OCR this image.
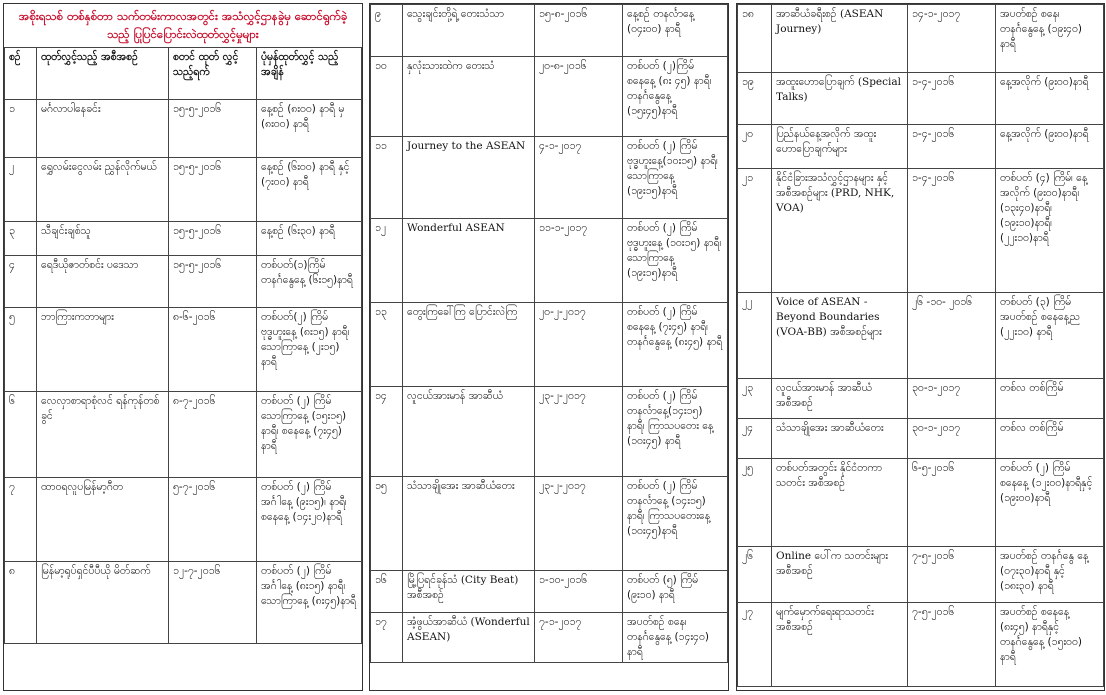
အစိုးရသစ် တစ်နှစ်တာ သက်တမ်းကာလအတွင်း အသံလွှင့်ဌာနခွဲမှ ဆောင်ရွက်ခဲ့သည့် ပြုပြင်ပြောင်းလဲထုတ်လွှင့်မှုများ
စဉ်	ထုတ်လွှင့်သည့် အစီအစဉ်	စတင် ထုတ် လွှင့်သည့်ရက်	ပုံမှန်ထုတ်လွှင့် သည့်အချိန်
၁	မင်္ဂလာပါနေခင်း	၁၅-၅-၂၀၁၆	နေ့စဉ် (၈း၀၀) နာရီ မှ (၈း၀၀) နာရီ
၂	ရွှေလမ်းငွေလမ်း ညွှန်လိုက်မယ်	၁၅-၅-၂၀၁၆	နေ့စဉ် (၆း၀၀) နာရီ နှင့် (၇း၀၀) နာရီ
၃	သီချင်းချစ်သူ	၁၅-၅-၂၀၁၆	နေ့စဉ် (၆း၃၀) နာရီ
၄	ရေဒီယိုဇာတ်စင်း ပဒေသာ	၁၅-၅-၂၀၁၆	တစ်ပတ်(၁)ကြိမ် တနင်္ဂနွေနေ့ (၆း၁၅)နာရီ
၅	ဘာကြားကဘာများ	၈-၆-၂၀၁၆	တစ်ပတ်(၂) ကြိမ် ဗုဒ္ဓဟူးနေ့ (၈း၁၅) နာရီ၊ သောကြာနေ့ (၂း၁၅) နာရီ
၆	လေလှာစာရာစုံလင် ရန်ကုန်တစ်ခွင်	၈-၇-၂၀၁၆	တစ်ပတ် (၂) ကြိမ် သောကြာနေ့ (၁၅း၁၅) နာရီ၊ စနေနေ့ (၇း၄၅) နာရီ
၇	ထာဝရလူပမြန်မာ့ဂီတ	၅-၇-၂၀၁၆	တစ်ပတ် (၂) ကြိမ် အင်္ဂါနေ့ (၉း၁၅)၊ နာရီ၊ စနေနေ့ (၁၄း၂၀)နာရီ
၈	မြန်မာ့ရုပ်ရှင်ပီပီယို မိတ်ဆက်	၁၂-၇-၂၀၁၆	တစ်ပတ် (၂) ကြိမ် အင်္ဂါနေ့ (၈း၁၅) နာရီ၊ သောကြာနေ့ (၈း၄၅)နာရီ
၉	သွေးချင်းတို့ရဲ့ တေးသံသာ	၁၅-၈-၂၀၁၆	နေ့စဉ် တနင်္လာနေ့ (၀၄း၀၀) နာရီ
၁၀	နှလုံးသားထဲက တေးသံ	၂၀-၈-၂၀၁၆	တစ်ပတ် (၂)ကြိမ် စနေနေ့ (၈း ၄၅) နာရီ၊ တနင်္ဂနွေနေ့ (၁၅း၄၅)နာရီ
၁၁	Journey to the ASEAN	၄-၁-၂၀၁၇	တစ်ပတ် (၂) ကြိမ် ဗုဒ္ဓဟူးနေ့(၁၀း၁၅) နာရီ၊ သောကြာနေ့ (၁၉း၁၅)နာရီ
၁၂	Wonderful ASEAN	၁၁-၁-၂၀၁၇	တစ်ပတ် (၂) ကြိမ် ဗုဒ္ဓဟူးနေ့ (၁၀း၁၅) နာရီ၊ သောကြာနေ့ (၁၉း၁၅)နာရီ
၁၃	တွေးကြခေါ်ကြ ပြောင်းလဲကြ	၂၀-၂-၂၀၁၇	တစ်ပတ် (၂) ကြိမ် စနေနေ့ (၇း၄၅) နာရီ၊ တနင်္ဂနွေနေ့ (၈း၄၅) နာရီ
၁၄	လူငယ်အားမာန် အာဆီယံ	၂၃-၂-၂၀၁၇	တစ်ပတ် (၂) ကြိမ် တနင်္လာနေ့(၁၄း၁၅) နာရီ၊ ကြာသပတေး နေ့ (၁၀း၄၅) နာရီ
၁၅	သံသာချိုအေး အာဆီယံတေး	၂၃-၂-၂၀၁၇	တစ်ပတ် (၂) ကြိမ် တနင်္လာနေ့ (၁၄း၁၅) နာရီ၊ ကြာသပတေးနေ့ (၁၀း၄၅)နာရီ
၁၆	မြို့ပြရင်ခုန်သံ (City Beat) အစီအစဉ်	၁-၁၀-၂၀၁၆	တစ်ပတ် (၅) ကြိမ် (၉း၁၀) နာရီ
၁၇	အံ့ဖွယ်အာဆီယံ (Wonderful ASEAN)	၇-၁-၂၀၁၇	အပတ်စဉ် စနေ၊ တနင်္ဂနွေနေ့ (၁၄း၄၀) နာရီ
၁၈	အာဆီယံခရီးစဉ် (ASEAN Journey)	၁၄-၁-၂၀၁၇	အပတ်စဉ် စနေ၊ တနင်္ဂနွေနေ့ (၁၉း၄၀) နာရီ
၁၉	အထူးဟောပြောချက် (Special Talks)	၁-၄-၂၀၁၆	နေ့အလိုက် (၉း၀၀)နာရီ
၂၀	ပြည်နယ်နေ့အလိုက် အထူး ဟောပြောချက်များ	၁-၄-၂၀၁၆	နေ့အလိုက် (၉း၀၀)နာရီ
၂၁	နိုင်ငံခြားအသံလွှင့်ဌာနများ နှင့် အစီအစဉ်များ (PRD, NHK, VOA)	၁-၄-၂၀၁၆	တစ်ပတ် (၄) ကြိမ်၊ နေ့အလိုက် (၉း၀၀)နာရီ၊ (၁၃း၄၀)နာရီ၊ (၁၉း၁၀)နာရီ၊ (၂၂း၁၀)နာရီ
၂၂	Voice of ASEAN - Beyond Boundaries (VOA-BB) အစီအစဉ်များ	၂၆ -၁၀- ၂၀၁၆	တစ်ပတ် (၃) ကြိမ် အပတ်စဉ် စနေနေ့ည (၂၂း၁၀) နာရီ
၂၃	လူငယ်အားမာန် အာဆီယံ အစီအစဉ်	၃၀-၁-၂၀၁၇	တစ်လ တစ်ကြိမ်
၂၄	သံသာချိုအေး အာဆီယံတေး	၃၀-၁-၂၀၁၇	တစ်လ တစ်ကြိမ်
၂၅	တစ်ပတ်အတွင်း နိုင်ငံတကာသတင်း အစီအစဉ်	၆-၅-၂၀၁၆	တစ်ပတ် (၂) ကြိမ် စနေနေ့ (၁၂း၀၀)နာရီနှင့် (၁၉း၀၀)နာရီ
၂၆	Online ပေါ်က သတင်းများ အစီအစဉ်	၇-၅-၂၀၁၆	အပတ်စဉ် တနင်္ဂနွေ နေ့ (၀၇း၃၀)နာရီ နှင့် (၁၈း၃၀) နာရီ
၂၇	မျက်မှောက်ရေးရာသတင်း အစီအစဉ်	၇-၅-၂၀၁၆	အပတ်စဉ် စနေနေ့ (၈း၄၅) နာရီနှင့် တနင်္ဂနွေနေ့ (၁၅း၀၀) နာရီ
